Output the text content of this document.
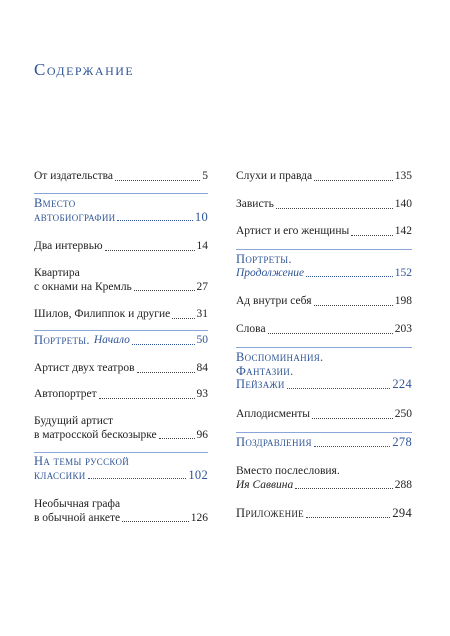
Содержание
От издательства	5
Вместо
автобиографии	10
Два интервью	14
Квартира
с окнами на Кремль	27
Шилов, Филиппок и другие 31
Портреты. Начало	50
Артист двух театров	84
Автопортрет	93
Будущий артист
в матросской бескозырке	96
На темы русской
классики	102
Необычная графа
в обычной анкете	126
Слухи и правда	135
Зависть	140
Артист и его женщины	142
Портреты.
Продолжение	152
Ад внутри себя	198
Слова	203
Воспоминания.
Фантазии.
Пейзажи	224
Аплодисменты	250
Поздравления	278
Вместо послесловия.
Ия Саввина	288
Приложение	294
